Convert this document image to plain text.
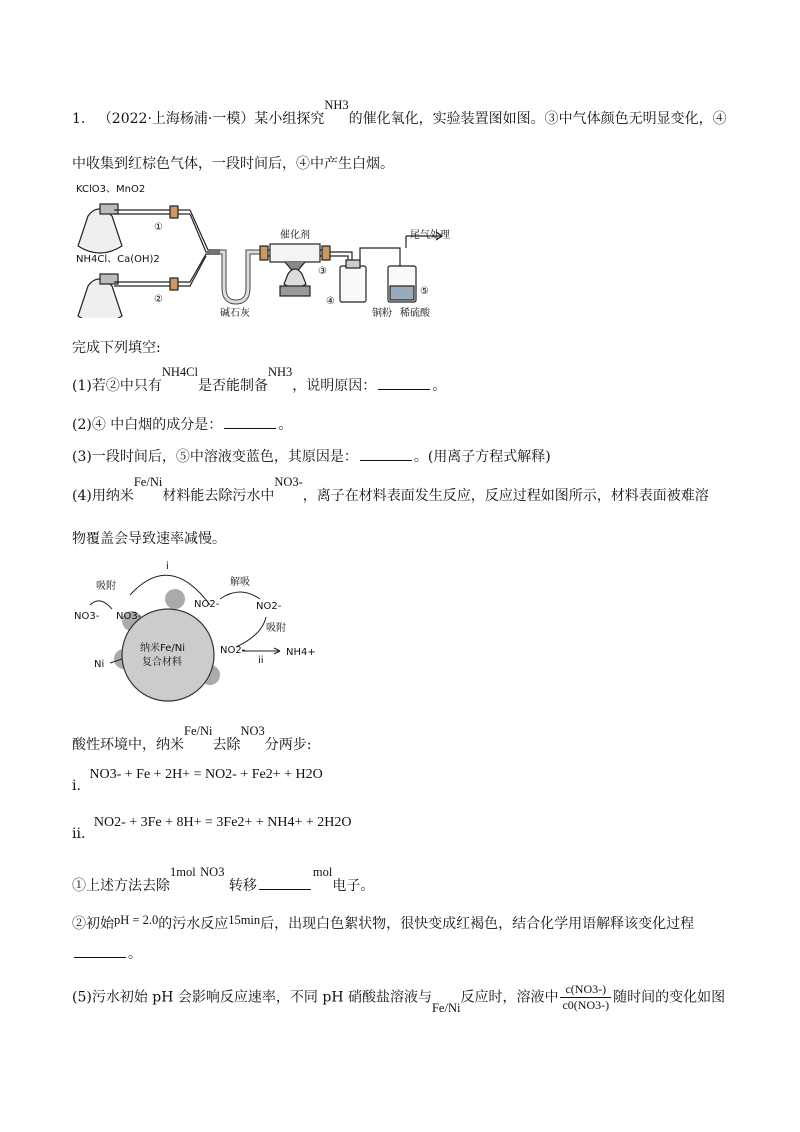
1. （2022·上海杨浦·一模）某小组探究NH3的催化氧化，实验装置图如图。③中气体颜色无明显变化，④
中收集到红棕色气体，一段时间后，④中产生白烟。
KClO3、MnO2
NH4Cl、Ca(OH)2
①
②
碱石灰
催化剂
③
④
尾气处理
⑤
铜粉 稀硫酸
完成下列填空:
(1)若②中只有NH4Cl是否能制备NH3，说明原因：	。
(2)④ 中白烟的成分是：	。
(3)一段时间后，⑤中溶液变蓝色，其原因是：	。(用离子方程式解释)
(4)用纳米Fe/Ni材料能去除污水中NO3-，离子在材料表面发生反应，反应过程如图所示，材料表面被难溶
物覆盖会导致速率减慢。
吸附
i
解吸
吸附
ii
NO3- NO3-
NO2-	NO2-
NO2-	NH4+
纳米Fe/Ni
复合材料
Ni
酸性环境中，纳米Fe/Ni去除NO3分两步:
i. NO3- + Fe + 2H+ = NO2- + Fe2+ + H2O
ii. NO2- + 3Fe + 8H+ = 3Fe2+ + NH4+ + 2H2O
①上述方法去除1mol NO3 转移mol电子。
②初始pH = 2.0的污水反应15min后，出现白色絮状物，很快变成红褐色，结合化学用语解释该变化过程
。
(5)污水初始 pH 会影响反应速率，不同 pH 硝酸盐溶液与Fe/Ni反应时，溶液中 $\frac{c(NO3-)}{c0(NO3-)}$ 随时间的变化如图
